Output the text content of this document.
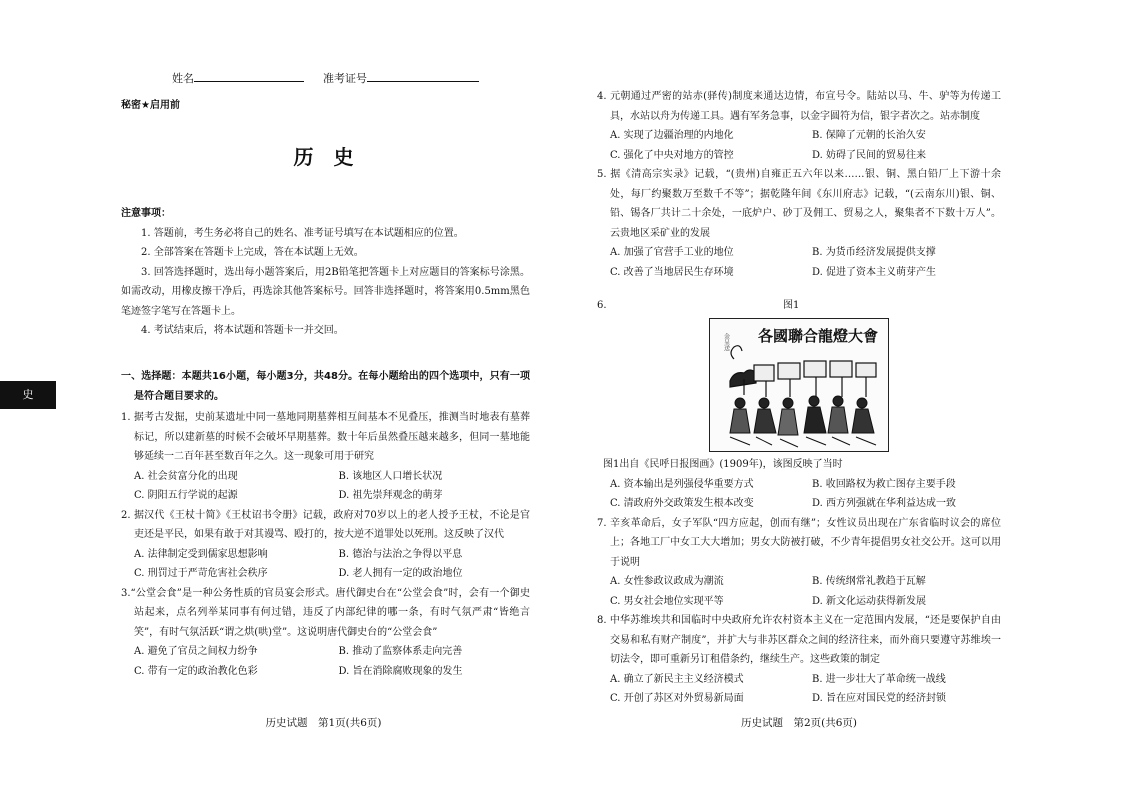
史
姓名	准考证号
秘密★启用前
历　史

注意事项：

1. 答题前，考生务必将自己的姓名、准考证号填写在本试题相应的位置。

2. 全部答案在答题卡上完成，答在本试题上无效。

3. 回答选择题时，选出每小题答案后，用2B铅笔把答题卡上对应题目的答案标号涂黑。如需改动，用橡皮擦干净后，再选涂其他答案标号。回答非选择题时，将答案用0.5mm黑色笔迹签字笔写在答题卡上。

4. 考试结束后，将本试题和答题卡一并交回。

一、选择题：本题共16小题，每小题3分，共48分。在每小题给出的四个选项中，只有一项是符合题目要求的。

1. 据考古发掘，史前某遗址中同一墓地同期墓葬相互间基本不见叠压，推测当时地表有墓葬标记，所以建新墓的时候不会破坏早期墓葬。数十年后虽然叠压越来越多，但同一墓地能够延续一二百年甚至数百年之久。这一现象可用于研究

A. 社会贫富分化的出现	B. 该地区人口增长状况
C. 阴阳五行学说的起源	D. 祖先崇拜观念的萌芽

2. 据汉代《王杖十简》《王杖诏书令册》记载，政府对70岁以上的老人授予王杖，不论是官吏还是平民，如果有敢于对其谩骂、殴打的，按大逆不道罪处以死刑。这反映了汉代

A. 法律制定受到儒家思想影响	B. 德治与法治之争得以平息
C. 刑罚过于严苛危害社会秩序	D. 老人拥有一定的政治地位

3.“公堂会食”是一种公务性质的官员宴会形式。唐代御史台在“公堂会食”时，会有一个御史站起来，点名列举某同事有何过错，违反了内部纪律的哪一条，有时气氛严肃“皆绝言笑”，有时气氛活跃“谓之烘(哄)堂”。这说明唐代御史台的“公堂会食”

A. 避免了官员之间权力纷争	B. 推动了监察体系走向完善
C. 带有一定的政治教化色彩	D. 旨在消除腐败现象的发生
历史试题　第1页(共6页)

4. 元朝通过严密的站赤(驿传)制度来通达边情，布宣号令。陆站以马、牛、驴等为传递工具，水站以舟为传递工具。遇有军务急事，以金字圆符为信，银字者次之。站赤制度

A. 实现了边疆治理的内地化	B. 保障了元朝的长治久安
C. 强化了中央对地方的管控	D. 妨碍了民间的贸易往来

5. 据《清高宗实录》记载，“(贵州)自雍正五六年以来……银、铜、黑白铅厂上下游十余处，每厂约聚数万至数千不等”；据乾隆年间《东川府志》记载，“(云南东川)银、铜、铅、锡各厂共计二十余处，一底炉户、砂丁及佣工、贸易之人，聚集者不下数十万人”。云贵地区采矿业的发展

A. 加强了官营手工业的地位	B. 为货币经济发展提供支撑
C. 改善了当地居民生存环境	D. 促进了资本主义萌芽产生
6.	图1
各國聯合龍燈大會
金呈送

图1出自《民呼日报图画》(1909年)，该图反映了当时

A. 资本输出是列强侵华重要方式	B. 收回路权为救亡图存主要手段
C. 清政府外交政策发生根本改变	D. 西方列强就在华利益达成一致

7. 辛亥革命后，女子军队“四方应起，创而有继”；女性议员出现在广东省临时议会的席位上；各地工厂中女工大大增加；男女大防被打破，不少青年提倡男女社交公开。这可以用于说明

A. 女性参政议政成为潮流	B. 传统纲常礼教趋于瓦解
C. 男女社会地位实现平等	D. 新文化运动获得新发展

8. 中华苏维埃共和国临时中央政府允许农村资本主义在一定范围内发展，“还是要保护自由交易和私有财产制度”，并扩大与非苏区群众之间的经济往来，而外商只要遵守苏维埃一切法令，即可重新另订租借条约，继续生产。这些政策的制定

A. 确立了新民主主义经济模式	B. 进一步壮大了革命统一战线
C. 开创了苏区对外贸易新局面	D. 旨在应对国民党的经济封锁
历史试题　第2页(共6页)
